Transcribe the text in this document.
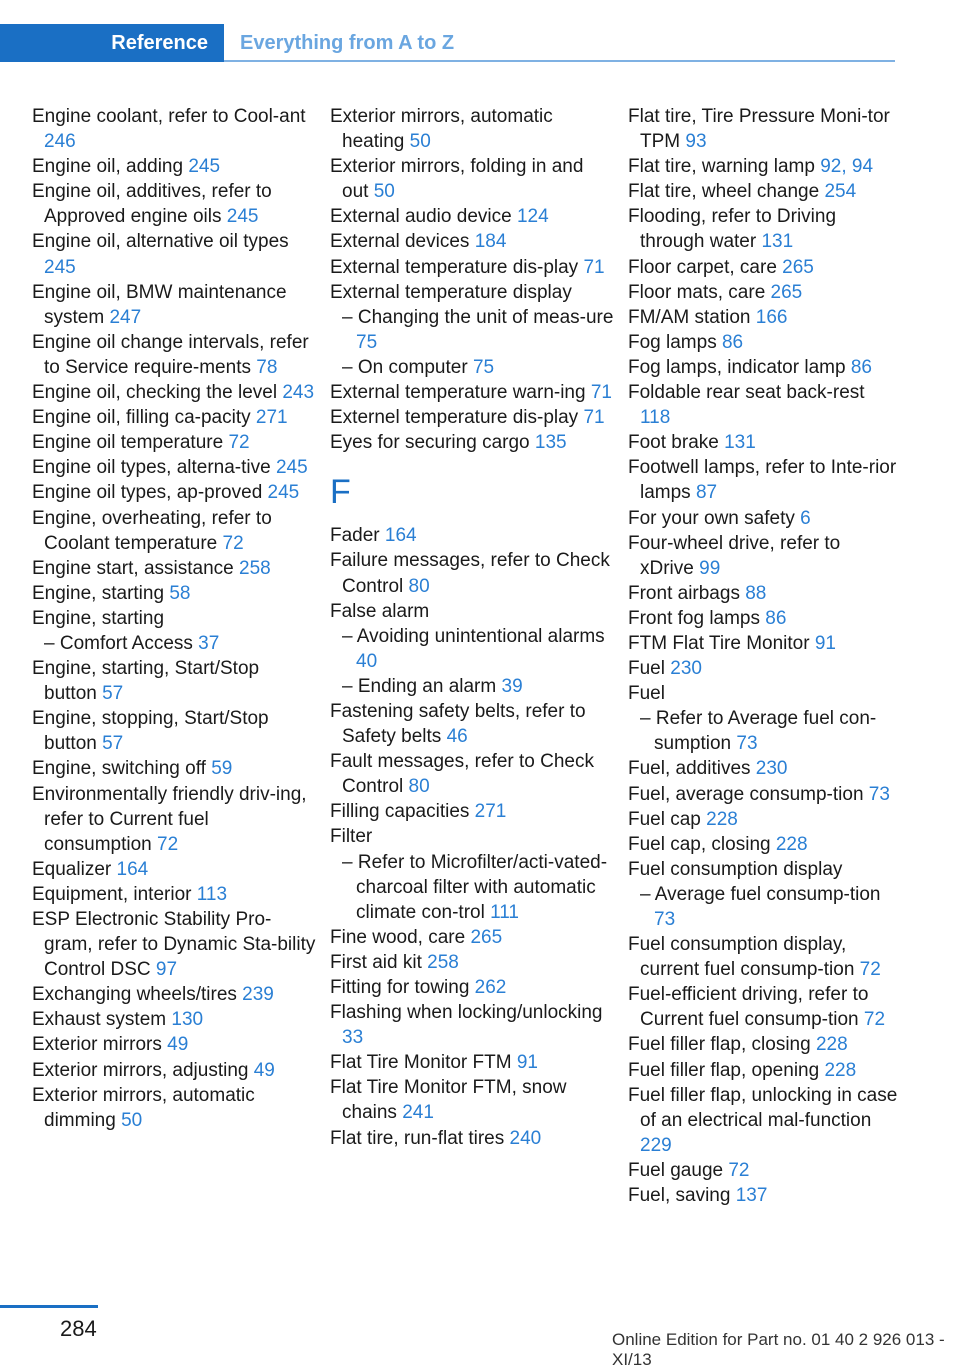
Reference	Everything from A to Z

Engine coolant, refer to Cool‐ant 246

Engine oil, adding 245

Engine oil, additives, refer to Approved engine oils 245

Engine oil, alternative oil types 245

Engine oil, BMW maintenance system 247

Engine oil change intervals, refer to Service require‐ments 78

Engine oil, checking the level 243

Engine oil, filling ca‐pacity 271

Engine oil temperature 72

Engine oil types, alterna‐tive 245

Engine oil types, ap‐proved 245

Engine, overheating, refer to Coolant temperature 72

Engine start, assistance 258

Engine, starting 58

Engine, starting

– Comfort Access 37

Engine, starting, Start/Stop button 57

Engine, stopping, Start/Stop button 57

Engine, switching off 59

Environmentally friendly driv‐ing, refer to Current fuel consumption 72

Equalizer 164

Equipment, interior 113

ESP Electronic Stability Pro‐gram, refer to Dynamic Sta‐bility Control DSC 97

Exchanging wheels/tires 239

Exhaust system 130

Exterior mirrors 49

Exterior mirrors, adjusting 49

Exterior mirrors, automatic dimming 50

Exterior mirrors, automatic heating 50

Exterior mirrors, folding in and out 50

External audio device 124

External devices 184

External temperature dis‐play 71

External temperature display

– Changing the unit of meas‐ure 75

– On computer 75

External temperature warn‐ing 71

Externel temperature dis‐play 71

Eyes for securing cargo 135

F

Fader 164

Failure messages, refer to Check Control 80

False alarm

– Avoiding unintentional alarms 40

– Ending an alarm 39

Fastening safety belts, refer to Safety belts 46

Fault messages, refer to Check Control 80

Filling capacities 271

Filter

– Refer to Microfilter/acti‐vated-charcoal filter with automatic climate con‐trol 111

Fine wood, care 265

First aid kit 258

Fitting for towing 262

Flashing when locking/unlocking 33

Flat Tire Monitor FTM 91

Flat Tire Monitor FTM, snow chains 241

Flat tire, run-flat tires 240

Flat tire, Tire Pressure Moni‐tor TPM 93

Flat tire, warning lamp 92, 94

Flat tire, wheel change 254

Flooding, refer to Driving through water 131

Floor carpet, care 265

Floor mats, care 265

FM/AM station 166

Fog lamps 86

Fog lamps, indicator lamp 86

Foldable rear seat back‐rest 118

Foot brake 131

Footwell lamps, refer to Inte‐rior lamps 87

For your own safety 6

Four-wheel drive, refer to xDrive 99

Front airbags 88

Front fog lamps 86

FTM Flat Tire Monitor 91

Fuel 230

Fuel

– Refer to Average fuel con‐sumption 73

Fuel, additives 230

Fuel, average consump‐tion 73

Fuel cap 228

Fuel cap, closing 228

Fuel consumption display

– Average fuel consump‐tion 73

Fuel consumption display, current fuel consump‐tion 72

Fuel-efficient driving, refer to Current fuel consump‐tion 72

Fuel filler flap, closing 228

Fuel filler flap, opening 228

Fuel filler flap, unlocking in case of an electrical mal‐function 229

Fuel gauge 72

Fuel, saving 137

284	Online Edition for Part no. 01 40 2 926 013 - XI/13
